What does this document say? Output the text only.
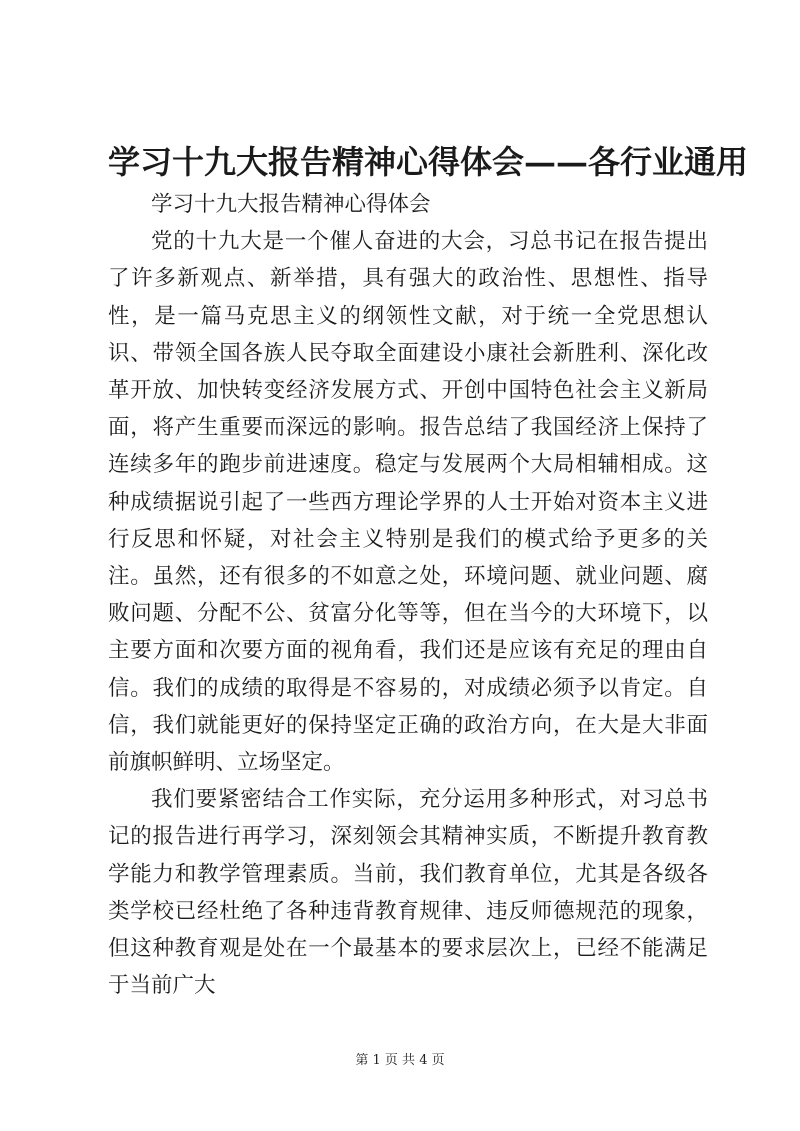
学习十九大报告精神心得体会——各行业通用

学习十九大报告精神心得体会

党的十九大是一个催人奋进的大会，习总书记在报告提出了许多新观点、新举措，具有强大的政治性、思想性、指导性，是一篇马克思主义的纲领性文献，对于统一全党思想认识、带领全国各族人民夺取全面建设小康社会新胜利、深化改革开放、加快转变经济发展方式、开创中国特色社会主义新局面，将产生重要而深远的影响。报告总结了我国经济上保持了连续多年的跑步前进速度。稳定与发展两个大局相辅相成。这种成绩据说引起了一些西方理论学界的人士开始对资本主义进行反思和怀疑，对社会主义特别是我们的模式给予更多的关注。虽然，还有很多的不如意之处，环境问题、就业问题、腐败问题、分配不公、贫富分化等等，但在当今的大环境下，以主要方面和次要方面的视角看，我们还是应该有充足的理由自信。我们的成绩的取得是不容易的，对成绩必须予以肯定。自信，我们就能更好的保持坚定正确的政治方向，在大是大非面前旗帜鲜明、立场坚定。

我们要紧密结合工作实际，充分运用多种形式，对习总书记的报告进行再学习，深刻领会其精神实质，不断提升教育教学能力和教学管理素质。当前，我们教育单位，尤其是各级各类学校已经杜绝了各种违背教育规律、违反师德规范的现象，但这种教育观是处在一个最基本的要求层次上，已经不能满足于当前广大

第 1 页 共 4 页
